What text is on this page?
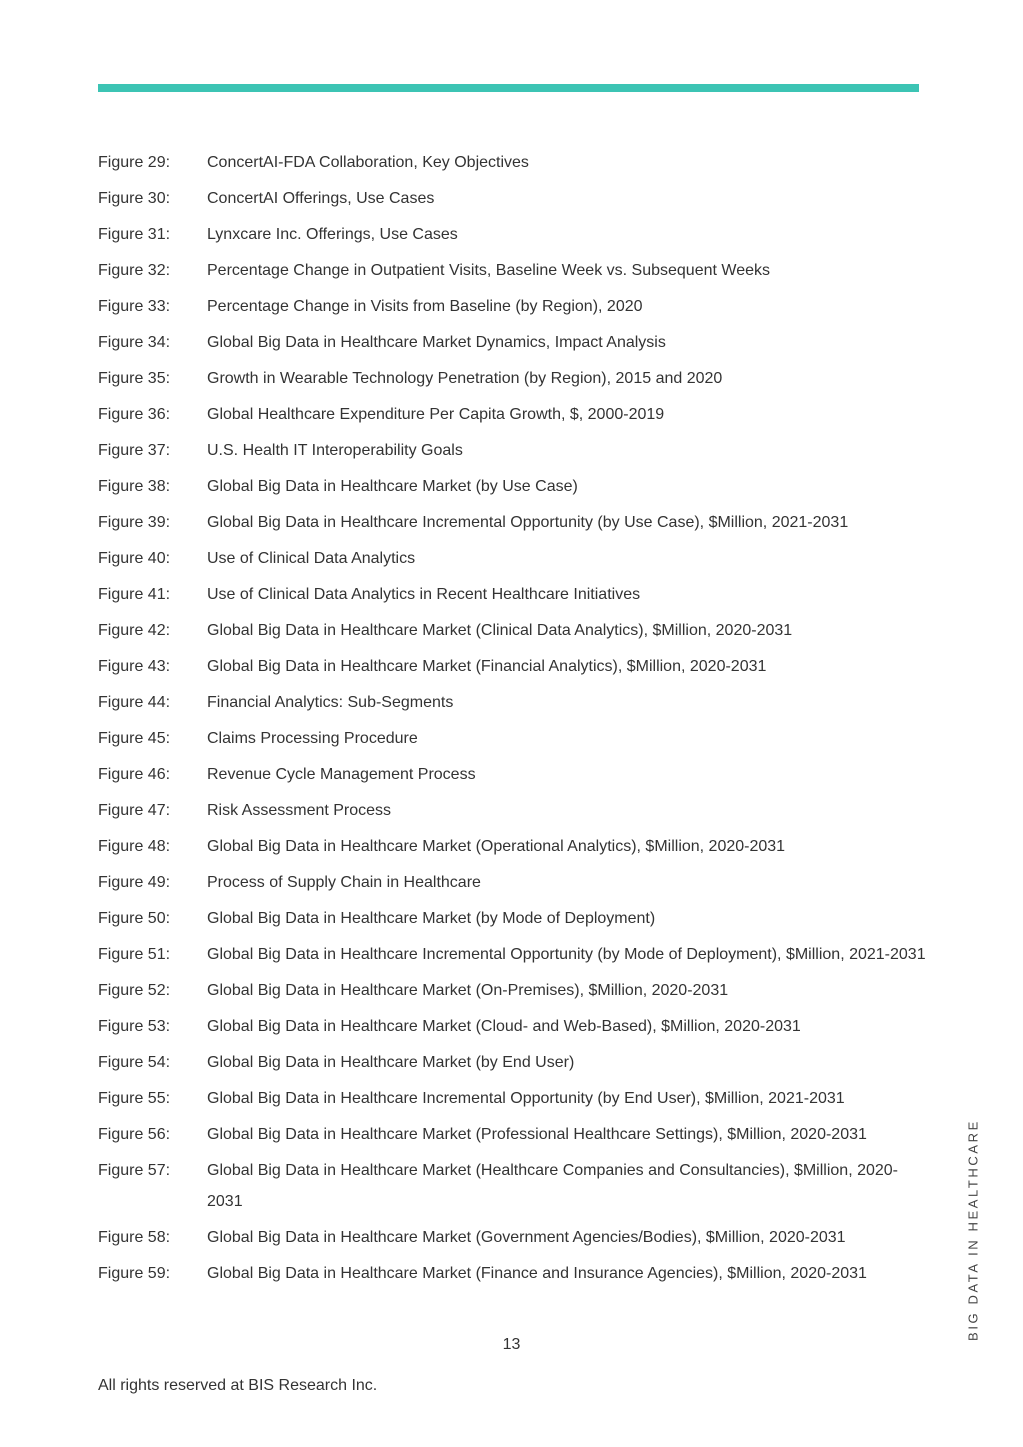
Figure 29:	ConcertAI-FDA Collaboration, Key Objectives
Figure 30:	ConcertAI Offerings, Use Cases
Figure 31:	Lynxcare Inc. Offerings, Use Cases
Figure 32:	Percentage Change in Outpatient Visits, Baseline Week vs. Subsequent Weeks
Figure 33:	Percentage Change in Visits from Baseline (by Region), 2020
Figure 34:	Global Big Data in Healthcare Market Dynamics, Impact Analysis
Figure 35:	Growth in Wearable Technology Penetration (by Region), 2015 and 2020
Figure 36:	Global Healthcare Expenditure Per Capita Growth, $, 2000-2019
Figure 37:	U.S. Health IT Interoperability Goals
Figure 38:	Global Big Data in Healthcare Market (by Use Case)
Figure 39:	Global Big Data in Healthcare Incremental Opportunity (by Use Case), $Million, 2021-2031
Figure 40:	Use of Clinical Data Analytics
Figure 41:	Use of Clinical Data Analytics in Recent Healthcare Initiatives
Figure 42:	Global Big Data in Healthcare Market (Clinical Data Analytics), $Million, 2020-2031
Figure 43:	Global Big Data in Healthcare Market (Financial Analytics), $Million, 2020-2031
Figure 44:	Financial Analytics: Sub-Segments
Figure 45:	Claims Processing Procedure
Figure 46:	Revenue Cycle Management Process
Figure 47:	Risk Assessment Process
Figure 48:	Global Big Data in Healthcare Market (Operational Analytics), $Million, 2020-2031
Figure 49:	Process of Supply Chain in Healthcare
Figure 50:	Global Big Data in Healthcare Market (by Mode of Deployment)
Figure 51:	Global Big Data in Healthcare Incremental Opportunity (by Mode of Deployment), $Million, 2021-2031
Figure 52:	Global Big Data in Healthcare Market (On-Premises), $Million, 2020-2031
Figure 53:	Global Big Data in Healthcare Market (Cloud- and Web-Based), $Million, 2020-2031
Figure 54:	Global Big Data in Healthcare Market (by End User)
Figure 55:	Global Big Data in Healthcare Incremental Opportunity (by End User), $Million, 2021-2031
Figure 56:	Global Big Data in Healthcare Market (Professional Healthcare Settings), $Million, 2020-2031
Figure 57:	Global Big Data in Healthcare Market (Healthcare Companies and Consultancies), $Million, 2020-2031
Figure 58:	Global Big Data in Healthcare Market (Government Agencies/Bodies), $Million, 2020-2031
Figure 59:	Global Big Data in Healthcare Market (Finance and Insurance Agencies), $Million, 2020-2031
13
All rights reserved at BIS Research Inc.
BIG DATA IN HEALTHCARE
